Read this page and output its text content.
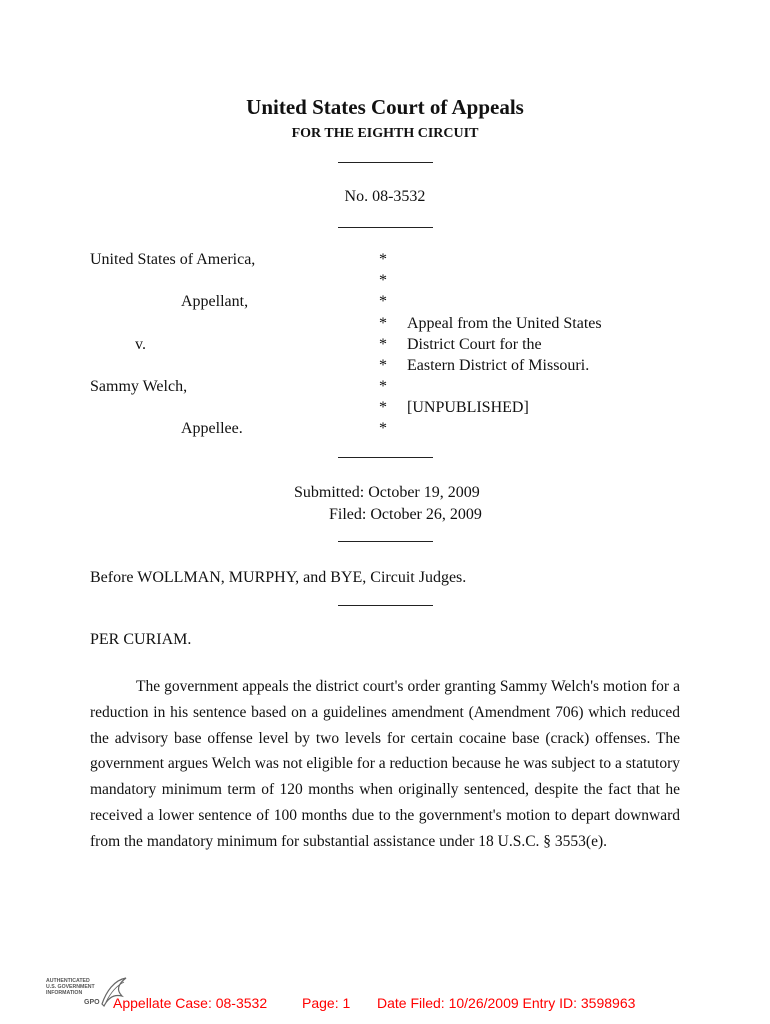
United States Court of Appeals
FOR THE EIGHTH CIRCUIT
No. 08-3532
United States of America,
Appellant,
v.
Sammy Welch,
Appellee.
*
*
*
*
*
*
*
*
*
Appeal from the United States
District Court for the
Eastern District of Missouri.
[UNPUBLISHED]
Submitted: October 19, 2009
Filed: October 26, 2009
Before WOLLMAN, MURPHY, and BYE, Circuit Judges.
PER CURIAM.

The government appeals the district court's order granting Sammy Welch's motion for a reduction in his sentence based on a guidelines amendment (Amendment 706) which reduced the advisory base offense level by two levels for certain cocaine base (crack) offenses. The government argues Welch was not eligible for a reduction because he was subject to a statutory mandatory minimum term of 120 months when originally sentenced, despite the fact that he received a lower sentence of 100 months due to the government's motion to depart downward from the mandatory minimum for substantial assistance under 18 U.S.C. § 3553(e).

AUTHENTICATED
U.S. GOVERNMENT
INFORMATION
GPO Appellate Case: 08-3532 Page: 1 Date Filed: 10/26/2009 Entry ID: 3598963
